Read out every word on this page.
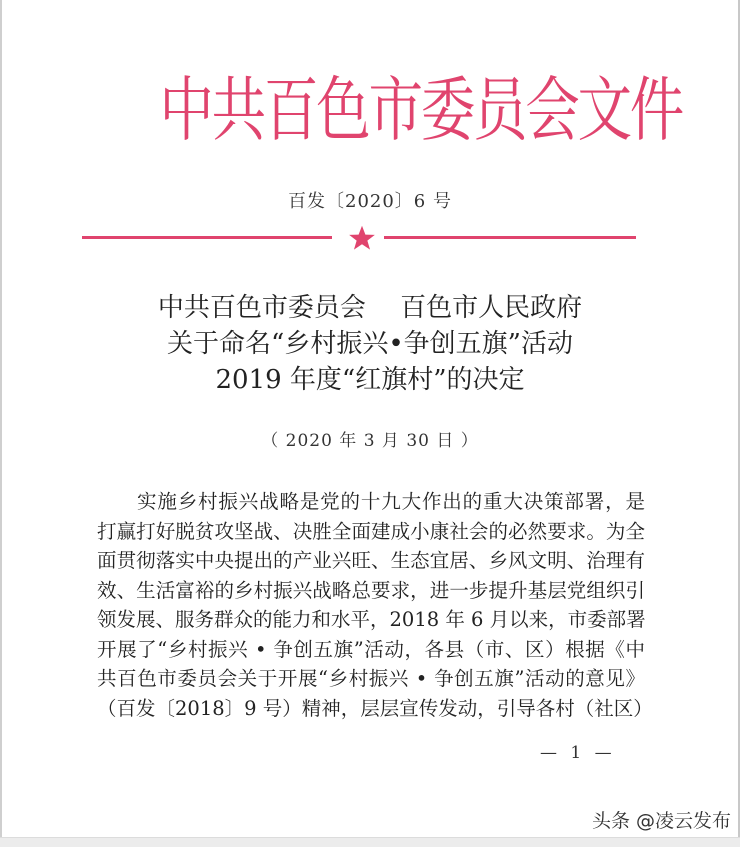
中共百色市委员会文件
百发〔2020〕6 号
中共百色市委员会　 百色市人民政府
关于命名“乡村振兴•争创五旗”活动
2019 年度“红旗村”的决定
（ 2020 年 3 月 30 日 ）
实施乡村振兴战略是党的十九大作出的重大决策部署，是
打赢打好脱贫攻坚战、决胜全面建成小康社会的必然要求。为全
面贯彻落实中央提出的产业兴旺、生态宜居、乡风文明、治理有
效、生活富裕的乡村振兴战略总要求，进一步提升基层党组织引
领发展、服务群众的能力和水平，2018 年 6 月以来，市委部署
开展了“乡村振兴 • 争创五旗”活动，各县（市、区）根据《中
共百色市委员会关于开展“乡村振兴 • 争创五旗”活动的意见》
（百发〔2018〕9 号）精神，层层宣传发动，引导各村（社区）
— 1 —
头条 @凌云发布
